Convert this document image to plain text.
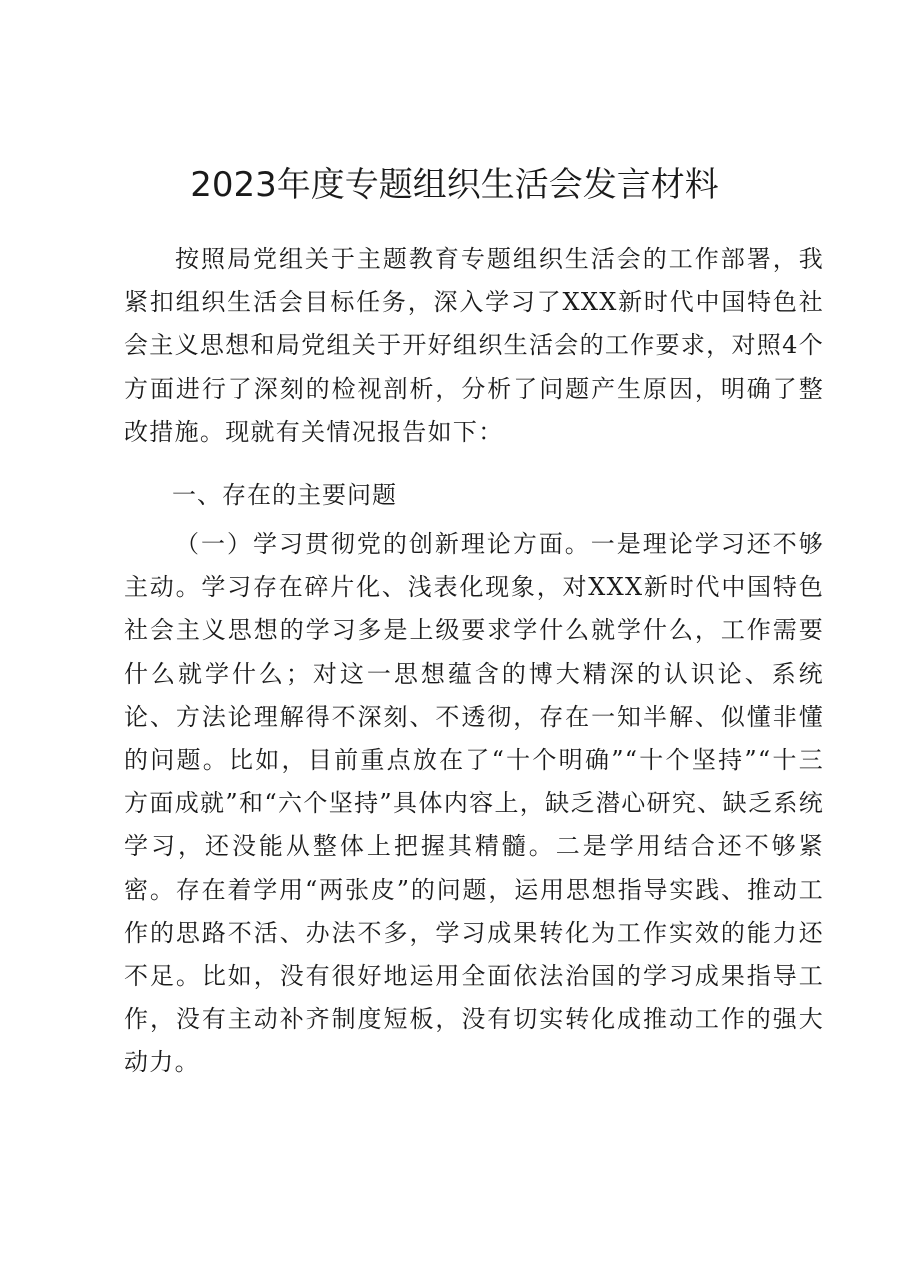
2023年度专题组织生活会发言材料

按照局党组关于主题教育专题组织生活会的工作部署，我紧扣组织生活会目标任务，深入学习了XXX新时代中国特色社会主义思想和局党组关于开好组织生活会的工作要求，对照4个方面进行了深刻的检视剖析，分析了问题产生原因，明确了整改措施。现就有关情况报告如下：

一、存在的主要问题

（一）学习贯彻党的创新理论方面。一是理论学习还不够主动。学习存在碎片化、浅表化现象，对XXX新时代中国特色社会主义思想的学习多是上级要求学什么就学什么，工作需要什么就学什么；对这一思想蕴含的博大精深的认识论、系统论、方法论理解得不深刻、不透彻，存在一知半解、似懂非懂的问题。比如，目前重点放在了“十个明确”“十个坚持”“十三方面成就”和“六个坚持”具体内容上，缺乏潜心研究、缺乏系统学习，还没能从整体上把握其精髓。二是学用结合还不够紧密。存在着学用“两张皮”的问题，运用思想指导实践、推动工作的思路不活、办法不多，学习成果转化为工作实效的能力还不足。比如，没有很好地运用全面依法治国的学习成果指导工作，没有主动补齐制度短板，没有切实转化成推动工作的强大动力。
